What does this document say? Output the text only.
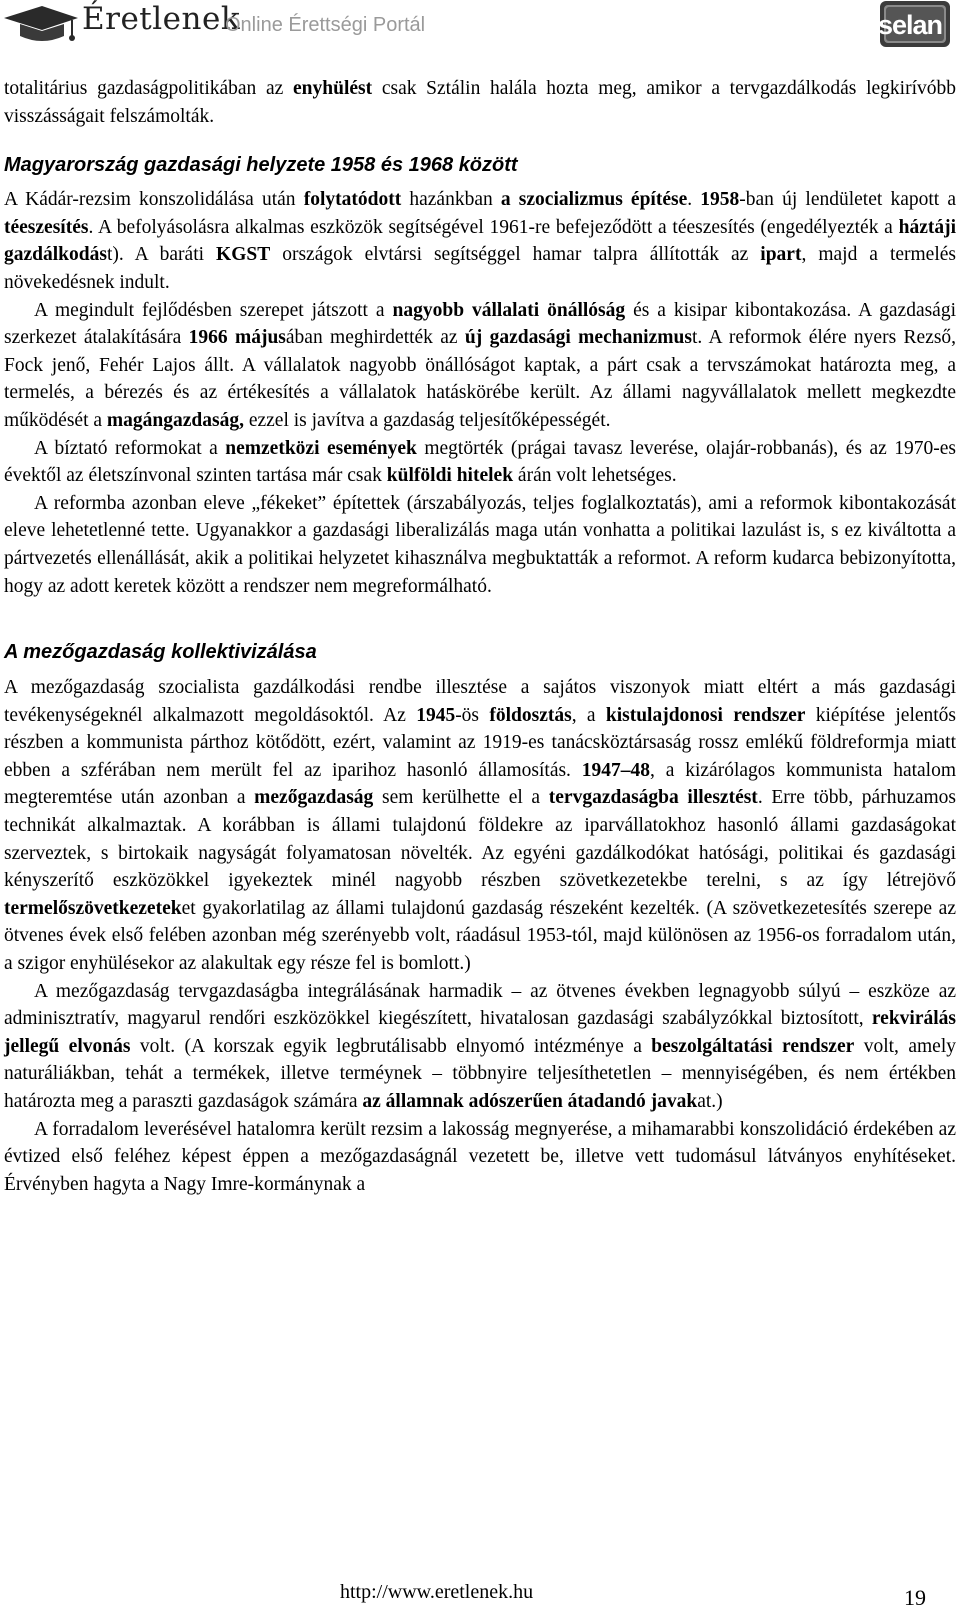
Éretlenek
Online Érettségi Portál	selan

totalitárius gazdaságpolitikában az enyhülést csak Sztálin halála hozta meg, amikor a tervgazdálkodás legkirívóbb visszásságait felszámolták.

Magyarország gazdasági helyzete 1958 és 1968 között

A Kádár-rezsim konszolidálása után folytatódott hazánkban a szocializmus építése. 1958-ban új lendületet kapott a téeszesítés. A befolyásolásra alkalmas eszközök segítségével 1961-re befejeződött a téeszesítés (engedélyezték a háztáji gazdálkodást). A baráti KGST országok elvtársi segítséggel hamar talpra állították az ipart, majd a termelés növekedésnek indult.

A megindult fejlődésben szerepet játszott a nagyobb vállalati önállóság és a kisipar kibontakozása. A gazdasági szerkezet átalakítására 1966 májusában meghirdették az új gazdasági mechanizmust. A reformok élére nyers Rezső, Fock jenő, Fehér Lajos állt. A vállalatok nagyobb önállóságot kaptak, a párt csak a tervszámokat határozta meg, a termelés, a bérezés és az értékesítés a vállalatok hatáskörébe került. Az állami nagyvállalatok mellett megkezdte működését a magángazdaság, ezzel is javítva a gazdaság teljesítőképességét.

A bíztató reformokat a nemzetközi események megtörték (prágai tavasz leverése, olajár-robbanás), és az 1970-es évektől az életszínvonal szinten tartása már csak külföldi hitelek árán volt lehetséges.

A reformba azonban eleve „fékeket” építettek (árszabályozás, teljes foglalkoztatás), ami a reformok kibontakozását eleve lehetetlenné tette. Ugyanakkor a gazdasági liberalizálás maga után vonhatta a politikai lazulást is, s ez kiváltotta a pártvezetés ellenállását, akik a politikai helyzetet kihasználva megbuktatták a reformot. A reform kudarca bebizonyította, hogy az adott keretek között a rendszer nem megreformálható.

A mezőgazdaság kollektivizálása

A mezőgazdaság szocialista gazdálkodási rendbe illesztése a sajátos viszonyok miatt eltért a más gazdasági tevékenységeknél alkalmazott megoldásoktól. Az 1945-ös földosztás, a kistulajdonosi rendszer kiépítése jelentős részben a kommunista párthoz kötődött, ezért, valamint az 1919-es tanácsköztársaság rossz emlékű földreformja miatt ebben a szférában nem merült fel az iparihoz hasonló államosítás. 1947–48, a kizárólagos kommunista hatalom megteremtése után azonban a mezőgazdaság sem kerülhette el a tervgazdaságba illesztést. Erre több, párhuzamos technikát alkalmaztak. A korábban is állami tulajdonú földekre az iparvállatokhoz hasonló állami gazdaságokat szerveztek, s birtokaik nagyságát folyamatosan növelték. Az egyéni gazdálkodókat hatósági, politikai és gazdasági kényszerítő eszközökkel igyekeztek minél nagyobb részben szövetkezetekbe terelni, s az így létrejövő termelőszövetkezeteket gyakorlatilag az állami tulajdonú gazdaság részeként kezelték. (A szövetkezetesítés szerepe az ötvenes évek első felében azonban még szerényebb volt, ráadásul 1953-tól, majd különösen az 1956-os forradalom után, a szigor enyhülésekor az alakultak egy része fel is bomlott.)

A mezőgazdaság tervgazdaságba integrálásának harmadik – az ötvenes években legnagyobb súlyú – eszköze az adminisztratív, magyarul rendőri eszközökkel kiegészített, hivatalosan gazdasági szabályzókkal biztosított, rekvirálás jellegű elvonás volt. (A korszak egyik legbrutálisabb elnyomó intézménye a beszolgáltatási rendszer volt, amely naturáliákban, tehát a termékek, illetve terméynek – többnyire teljesíthetetlen – mennyiségében, és nem értékben határozta meg a paraszti gazdaságok számára az államnak adószerűen átadandó javakat.)

A forradalom leverésével hatalomra került rezsim a lakosság megnyerése, a mihamarabbi konszolidáció érdekében az évtized első feléhez képest éppen a mezőgazdaságnál vezetett be, illetve vett tudomásul látványos enyhítéseket. Érvényben hagyta a Nagy Imre-kormánynak a

http://www.eretlenek.hu	19
